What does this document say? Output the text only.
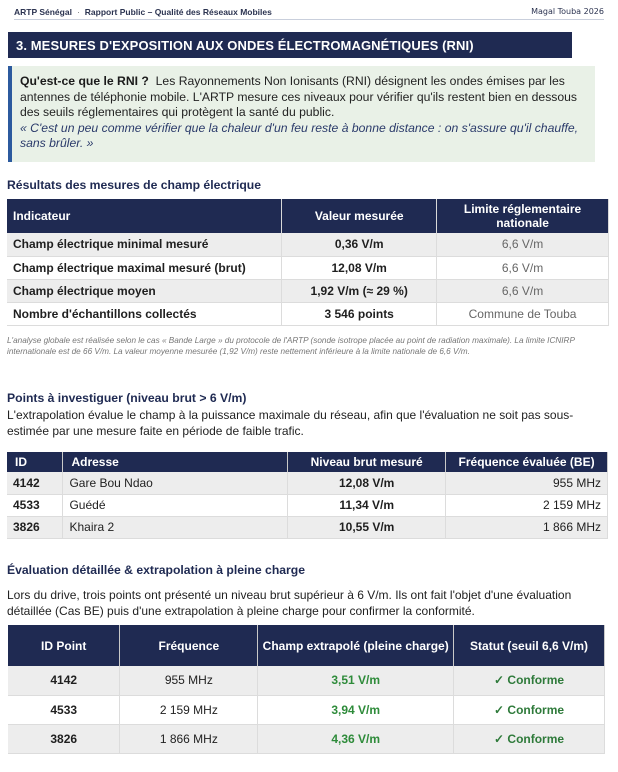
ARTP Sénégal · Rapport Public – Qualité des Réseaux Mobiles	Magal Touba 2026
3. MESURES D'EXPOSITION AUX ONDES ÉLECTROMAGNÉTIQUES (RNI)
Qu'est-ce que le RNI ? Les Rayonnements Non Ionisants (RNI) désignent les ondes émises par les antennes de téléphonie mobile. L'ARTP mesure ces niveaux pour vérifier qu'ils restent bien en dessous des seuils réglementaires qui protègent la santé du public.
« C'est un peu comme vérifier que la chaleur d'un feu reste à bonne distance : on s'assure qu'il chauffe, sans brûler. »
Résultats des mesures de champ électrique
Indicateur	Valeur mesurée	Limite réglementaire nationale
Champ électrique minimal mesuré	0,36 V/m	6,6 V/m
Champ électrique maximal mesuré (brut)	12,08 V/m	6,6 V/m
Champ électrique moyen	1,92 V/m (≈ 29 %)	6,6 V/m
Nombre d'échantillons collectés	3 546 points	Commune de Touba
L'analyse globale est réalisée selon le cas « Bande Large » du protocole de l'ARTP (sonde isotrope placée au point de radiation maximale). La limite ICNIRP internationale est de 66 V/m. La valeur moyenne mesurée (1,92 V/m) reste nettement inférieure à la limite nationale de 6,6 V/m.
Points à investiguer (niveau brut > 6 V/m)
L'extrapolation évalue le champ à la puissance maximale du réseau, afin que l'évaluation ne soit pas sous-estimée par une mesure faite en période de faible trafic.
ID	Adresse	Niveau brut mesuré	Fréquence évaluée (BE)
4142	Gare Bou Ndao	12,08 V/m	955 MHz
4533	Guédé	11,34 V/m	2 159 MHz
3826	Khaira 2	10,55 V/m	1 866 MHz
Évaluation détaillée & extrapolation à pleine charge
Lors du drive, trois points ont présenté un niveau brut supérieur à 6 V/m. Ils ont fait l'objet d'une évaluation détaillée (Cas BE) puis d'une extrapolation à pleine charge pour confirmer la conformité.
ID Point	Fréquence	Champ extrapolé (pleine charge)	Statut (seuil 6,6 V/m)
4142	955 MHz	3,51 V/m	✓ Conforme
4533	2 159 MHz	3,94 V/m	✓ Conforme
3826	1 866 MHz	4,36 V/m	✓ Conforme
